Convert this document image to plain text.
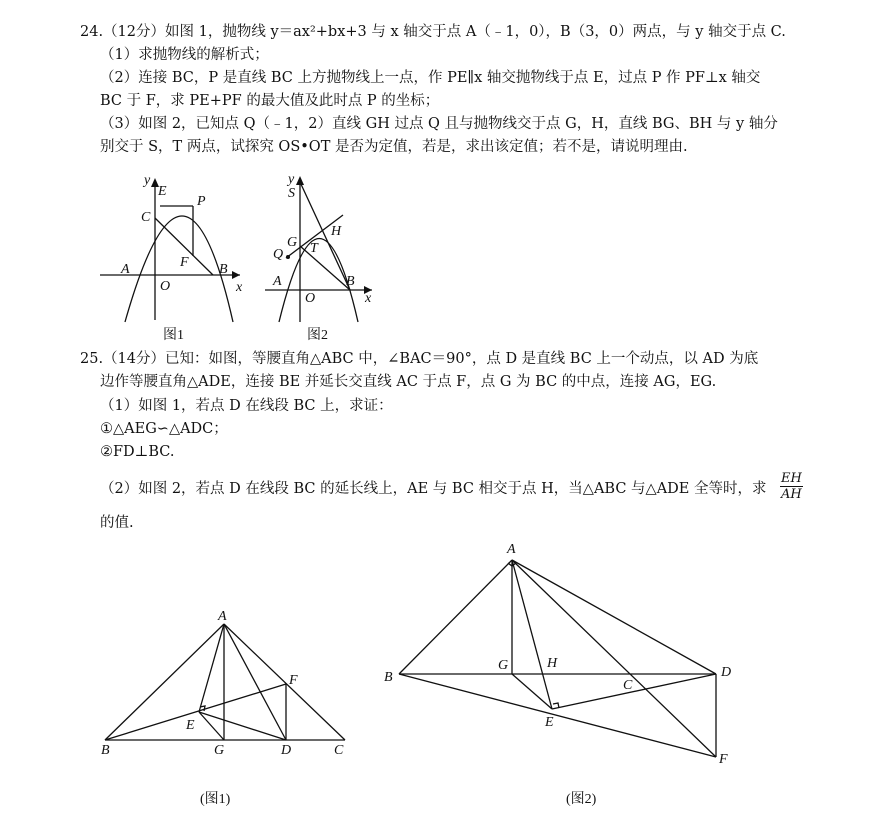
24.（12分）如图 1，抛物线 y＝ax²+bx+3 与 x 轴交于点 A（﹣1，0），B（3，0）两点，与 y 轴交于点 C.
（1）求抛物线的解析式；
（2）连接 BC，P 是直线 BC 上方抛物线上一点，作 PE∥x 轴交抛物线于点 E，过点 P 作 PF⊥x 轴交
BC 于 F，求 PE+PF 的最大值及此时点 P 的坐标；
（3）如图 2，已知点 Q（﹣1，2）直线 GH 过点 Q 且与抛物线交于点 G，H，直线 BG、BH 与 y 轴分
别交于 S，T 两点，试探究 OS•OT 是否为定值，若是，求出该定值；若不是，请说明理由.
y
E
P
C
F
A	B
O	x
图1
y
S
H
G T
Q
A	B
O	x
图2
25.（14分）已知：如图，等腰直角△ABC 中，∠BAC＝90°，点 D 是直线 BC 上一个动点，以 AD 为底
边作等腰直角△ADE，连接 BE 并延长交直线 AC 于点 F，点 G 为 BC 的中点，连接 AG，EG.
（1）如图 1，若点 D 在线段 BC 上，求证：
①△AEG∽△ADC；
②FD⊥BC.
（2）如图 2，若点 D 在线段 BC 的延长线上，AE 与 BC 相交于点 H，当△ABC 与△ADE 全等时，求 $\frac{EH}{AH}$
的值.
A
F
E
B	G	D	C
(图1)
A
B
G	H
C
D
E
F
(图2)
